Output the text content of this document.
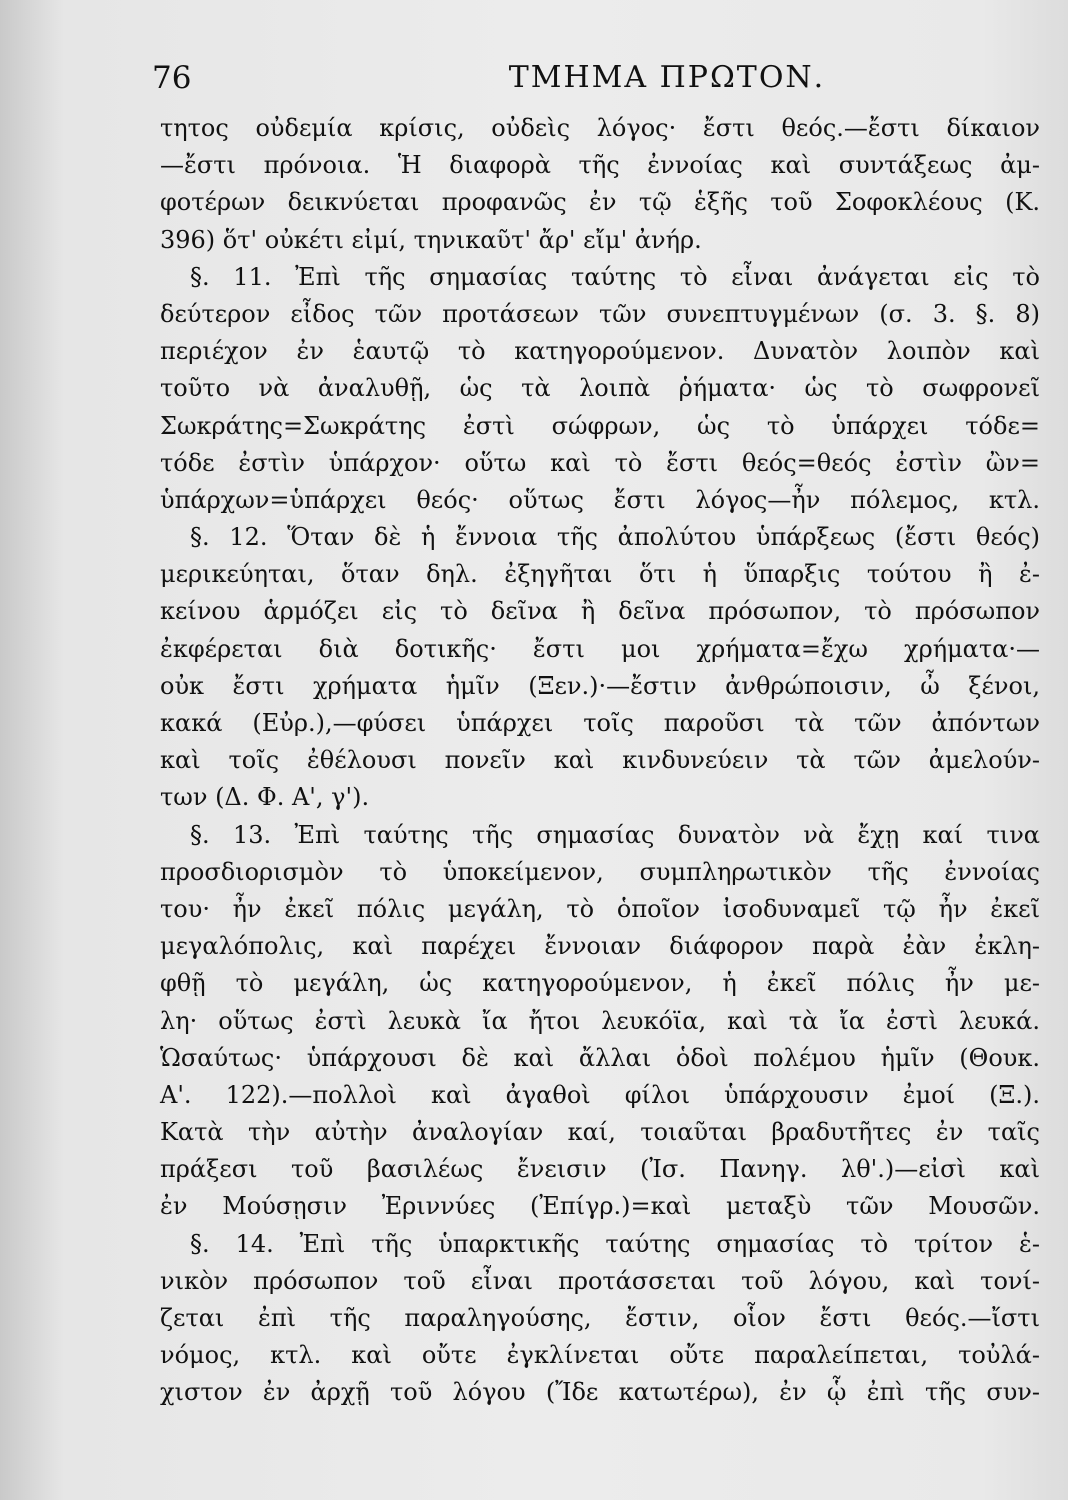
76	ΤΜΗΜΑ ΠΡΩΤΟΝ.
τητος οὐδεμία κρίσις, οὐδεὶς λόγος· ἔστι θεός.—ἔστι δίκαιον
—ἔστι πρόνοια. Ἡ διαφορὰ τῆς ἐννοίας καὶ συντάξεως ἀμ-
φοτέρων δεικνύεται προφανῶς ἐν τῷ ἑξῆς τοῦ Σοφοκλέους (Κ.
396) ὅτ' οὐκέτι εἰμί, τηνικαῦτ' ἄρ' εἴμ' ἀνήρ.
§. 11. Ἐπὶ τῆς σημασίας ταύτης τὸ εἶναι ἀνάγεται εἰς τὸ
δεύτερον εἶδος τῶν προτάσεων τῶν συνεπτυγμένων (σ. 3. §. 8)
περιέχον ἐν ἑαυτῷ τὸ κατηγορούμενον. Δυνατὸν λοιπὸν καὶ
τοῦτο νὰ ἀναλυθῇ, ὡς τὰ λοιπὰ ῥήματα· ὡς τὸ σωφρονεῖ
Σωκράτης=Σωκράτης ἐστὶ σώφρων, ὡς τὸ ὑπάρχει τόδε=
τόδε ἐστὶν ὑπάρχον· οὕτω καὶ τὸ ἔστι θεός=θεός ἐστὶν ὢν=
ὑπάρχων=ὑπάρχει θεός· οὕτως ἔστι λόγος—ἦν πόλεμος, κτλ.
§. 12. Ὅταν δὲ ἡ ἔννοια τῆς ἀπολύτου ὑπάρξεως (ἔστι θεός)
μερικεύηται, ὅταν δηλ. ἐξηγῆται ὅτι ἡ ὕπαρξις τούτου ἢ ἐ-
κείνου ἁρμόζει εἰς τὸ δεῖνα ἢ δεῖνα πρόσωπον, τὸ πρόσωπον
ἐκφέρεται διὰ δοτικῆς· ἔστι μοι χρήματα=ἔχω χρήματα·—
οὐκ ἔστι χρήματα ἡμῖν (Ξεν.)·—ἔστιν ἀνθρώποισιν, ὦ ξένοι,
κακά (Εὐρ.),—φύσει ὑπάρχει τοῖς παροῦσι τὰ τῶν ἀπόντων
καὶ τοῖς ἐθέλουσι πονεῖν καὶ κινδυνεύειν τὰ τῶν ἀμελούν-
των (Δ. Φ. Α', γ').
§. 13. Ἐπὶ ταύτης τῆς σημασίας δυνατὸν νὰ ἔχῃ καί τινα
προσδιορισμὸν τὸ ὑποκείμενον, συμπληρωτικὸν τῆς ἐννοίας
του· ἦν ἐκεῖ πόλις μεγάλη, τὸ ὁποῖον ἰσοδυναμεῖ τῷ ἦν ἐκεῖ
μεγαλόπολις, καὶ παρέχει ἔννοιαν διάφορον παρὰ ἐὰν ἐκλη-
φθῇ τὸ μεγάλη, ὡς κατηγορούμενον, ἡ ἐκεῖ πόλις ἦν με-
λη· οὕτως ἐστὶ λευκὰ ἴα ἤτοι λευκόϊα, καὶ τὰ ἴα ἐστὶ λευκά.
Ὡσαύτως· ὑπάρχουσι δὲ καὶ ἄλλαι ὁδοὶ πολέμου ἡμῖν (Θουκ.
Α'. 122).—πολλοὶ καὶ ἀγαθοὶ φίλοι ὑπάρχουσιν ἐμοί (Ξ.).
Κατὰ τὴν αὐτὴν ἀναλογίαν καί, τοιαῦται βραδυτῆτες ἐν ταῖς
πράξεσι τοῦ βασιλέως ἔνεισιν (Ἰσ. Πανηγ. λθ'.)—εἰσὶ καὶ
ἐν Μούσῃσιν Ἐριννύες (Ἐπίγρ.)=καὶ μεταξὺ τῶν Μουσῶν.
§. 14. Ἐπὶ τῆς ὑπαρκτικῆς ταύτης σημασίας τὸ τρίτον ἑ-
νικὸν πρόσωπον τοῦ εἶναι προτάσσεται τοῦ λόγου, καὶ τονί-
ζεται ἐπὶ τῆς παραληγούσης, ἔστιν, οἷον ἔστι θεός.—ἴστι
νόμος, κτλ. καὶ οὔτε ἐγκλίνεται οὔτε παραλείπεται, τοὐλά-
χιστον ἐν ἀρχῇ τοῦ λόγου (Ἴδε κατωτέρω), ἐν ᾧ ἐπὶ τῆς συν-
